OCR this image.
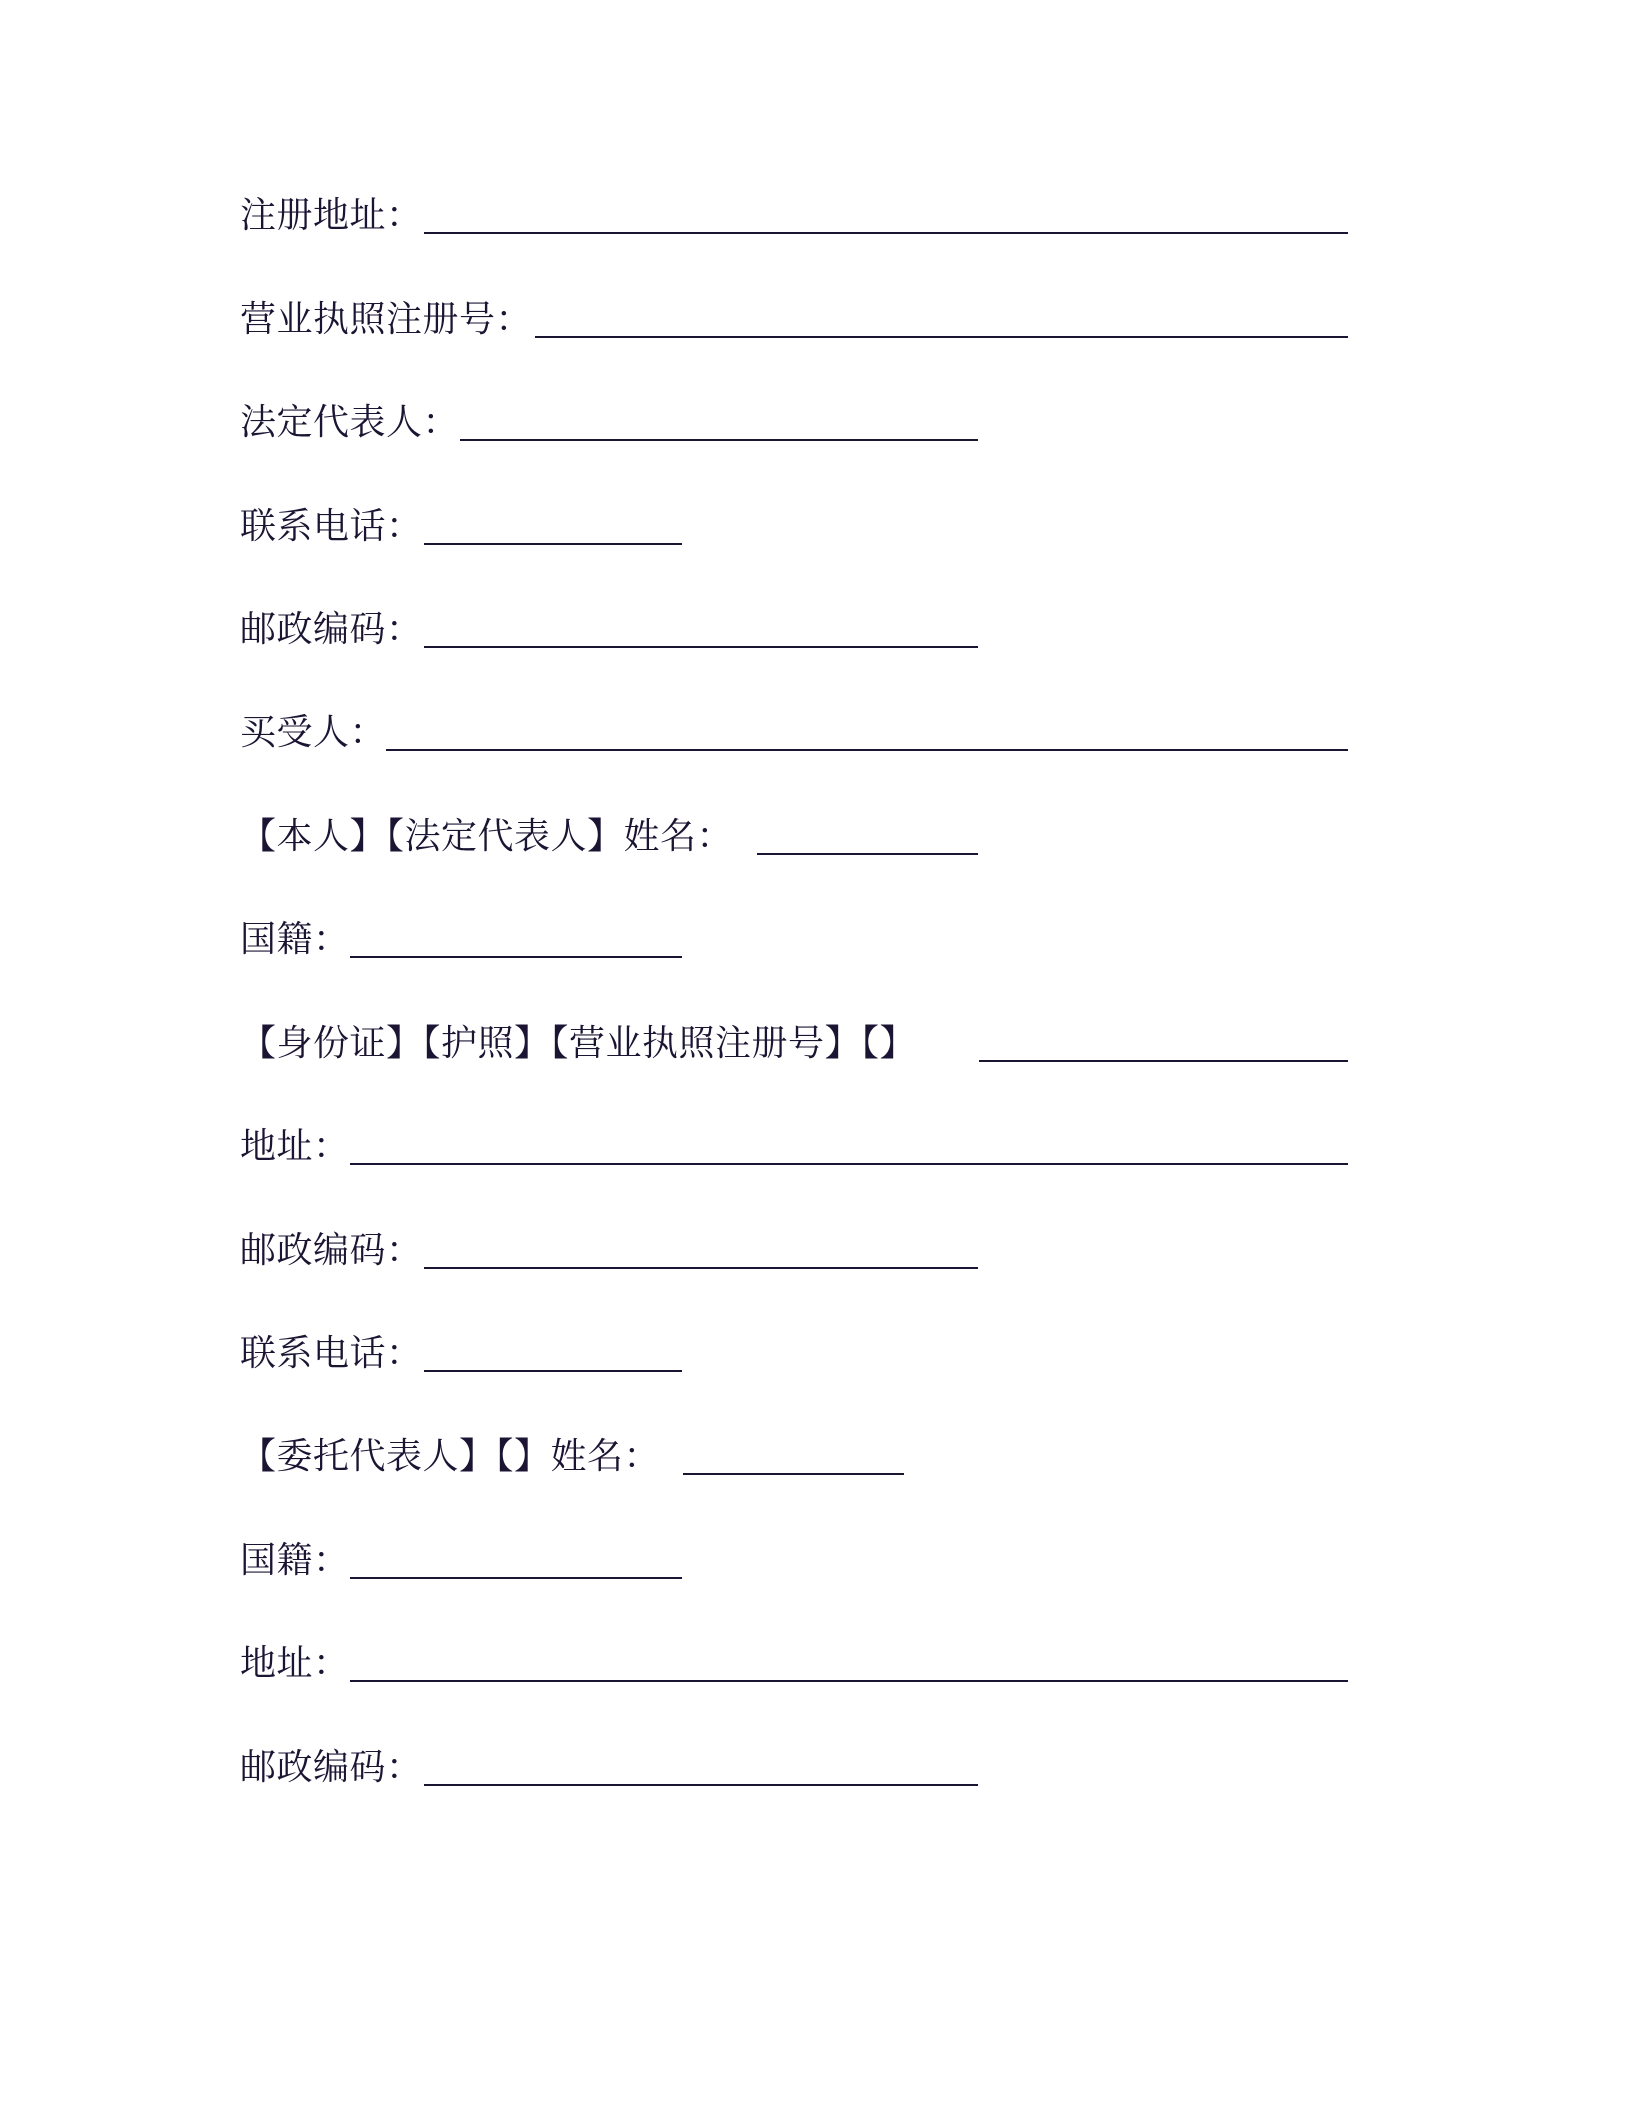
注册地址：
营业执照注册号：
法定代表人：
联系电话：
邮政编码：
买受人：
【本人】【法定代表人】姓名：
国籍：
【身份证】【护照】【营业执照注册号】【】
地址：
邮政编码：
联系电话：
【委托代表人】【】姓名：
国籍：
地址：
邮政编码：
